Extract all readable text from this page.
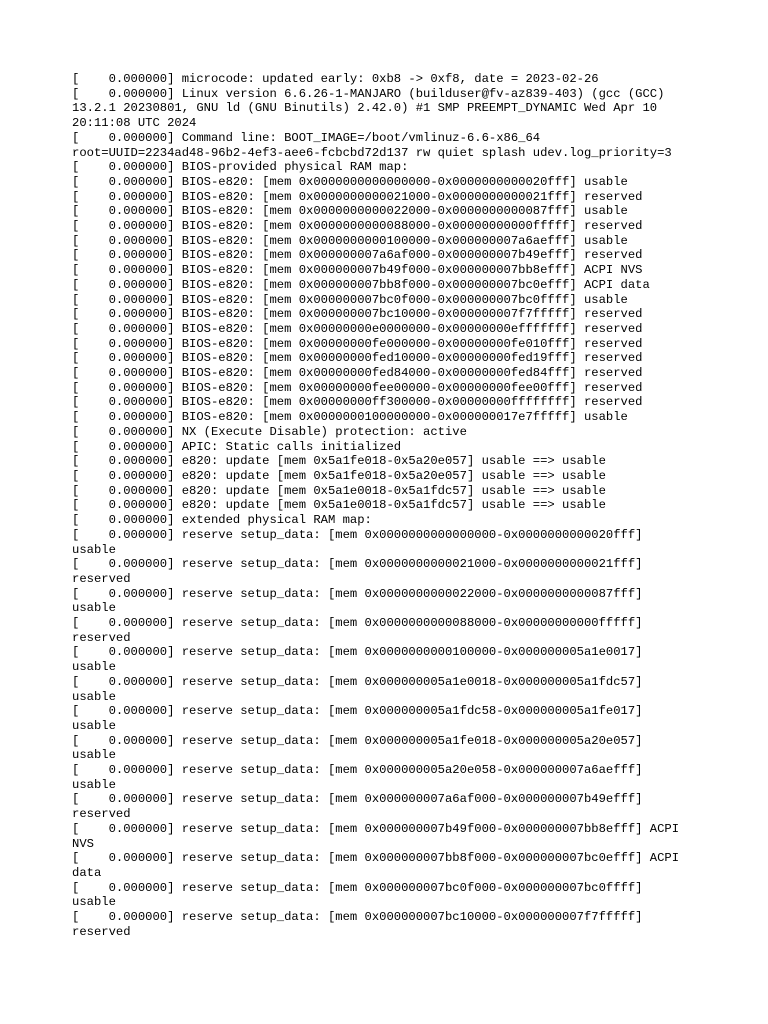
[    0.000000] microcode: updated early: 0xb8 -> 0xf8, date = 2023-02-26
[    0.000000] Linux version 6.6.26-1-MANJARO (builduser@fv-az839-403) (gcc (GCC)
13.2.1 20230801, GNU ld (GNU Binutils) 2.42.0) #1 SMP PREEMPT_DYNAMIC Wed Apr 10
20:11:08 UTC 2024
[    0.000000] Command line: BOOT_IMAGE=/boot/vmlinuz-6.6-x86_64
root=UUID=2234ad48-96b2-4ef3-aee6-fcbcbd72d137 rw quiet splash udev.log_priority=3
[    0.000000] BIOS-provided physical RAM map:
[    0.000000] BIOS-e820: [mem 0x0000000000000000-0x0000000000020fff] usable
[    0.000000] BIOS-e820: [mem 0x0000000000021000-0x0000000000021fff] reserved
[    0.000000] BIOS-e820: [mem 0x0000000000022000-0x0000000000087fff] usable
[    0.000000] BIOS-e820: [mem 0x0000000000088000-0x00000000000fffff] reserved
[    0.000000] BIOS-e820: [mem 0x0000000000100000-0x000000007a6aefff] usable
[    0.000000] BIOS-e820: [mem 0x000000007a6af000-0x000000007b49efff] reserved
[    0.000000] BIOS-e820: [mem 0x000000007b49f000-0x000000007bb8efff] ACPI NVS
[    0.000000] BIOS-e820: [mem 0x000000007bb8f000-0x000000007bc0efff] ACPI data
[    0.000000] BIOS-e820: [mem 0x000000007bc0f000-0x000000007bc0ffff] usable
[    0.000000] BIOS-e820: [mem 0x000000007bc10000-0x000000007f7fffff] reserved
[    0.000000] BIOS-e820: [mem 0x00000000e0000000-0x00000000efffffff] reserved
[    0.000000] BIOS-e820: [mem 0x00000000fe000000-0x00000000fe010fff] reserved
[    0.000000] BIOS-e820: [mem 0x00000000fed10000-0x00000000fed19fff] reserved
[    0.000000] BIOS-e820: [mem 0x00000000fed84000-0x00000000fed84fff] reserved
[    0.000000] BIOS-e820: [mem 0x00000000fee00000-0x00000000fee00fff] reserved
[    0.000000] BIOS-e820: [mem 0x00000000ff300000-0x00000000ffffffff] reserved
[    0.000000] BIOS-e820: [mem 0x0000000100000000-0x000000017e7fffff] usable
[    0.000000] NX (Execute Disable) protection: active
[    0.000000] APIC: Static calls initialized
[    0.000000] e820: update [mem 0x5a1fe018-0x5a20e057] usable ==> usable
[    0.000000] e820: update [mem 0x5a1fe018-0x5a20e057] usable ==> usable
[    0.000000] e820: update [mem 0x5a1e0018-0x5a1fdc57] usable ==> usable
[    0.000000] e820: update [mem 0x5a1e0018-0x5a1fdc57] usable ==> usable
[    0.000000] extended physical RAM map:
[    0.000000] reserve setup_data: [mem 0x0000000000000000-0x0000000000020fff]
usable
[    0.000000] reserve setup_data: [mem 0x0000000000021000-0x0000000000021fff]
reserved
[    0.000000] reserve setup_data: [mem 0x0000000000022000-0x0000000000087fff]
usable
[    0.000000] reserve setup_data: [mem 0x0000000000088000-0x00000000000fffff]
reserved
[    0.000000] reserve setup_data: [mem 0x0000000000100000-0x000000005a1e0017]
usable
[    0.000000] reserve setup_data: [mem 0x000000005a1e0018-0x000000005a1fdc57]
usable
[    0.000000] reserve setup_data: [mem 0x000000005a1fdc58-0x000000005a1fe017]
usable
[    0.000000] reserve setup_data: [mem 0x000000005a1fe018-0x000000005a20e057]
usable
[    0.000000] reserve setup_data: [mem 0x000000005a20e058-0x000000007a6aefff]
usable
[    0.000000] reserve setup_data: [mem 0x000000007a6af000-0x000000007b49efff]
reserved
[    0.000000] reserve setup_data: [mem 0x000000007b49f000-0x000000007bb8efff] ACPI
NVS
[    0.000000] reserve setup_data: [mem 0x000000007bb8f000-0x000000007bc0efff] ACPI
data
[    0.000000] reserve setup_data: [mem 0x000000007bc0f000-0x000000007bc0ffff]
usable
[    0.000000] reserve setup_data: [mem 0x000000007bc10000-0x000000007f7fffff]
reserved
